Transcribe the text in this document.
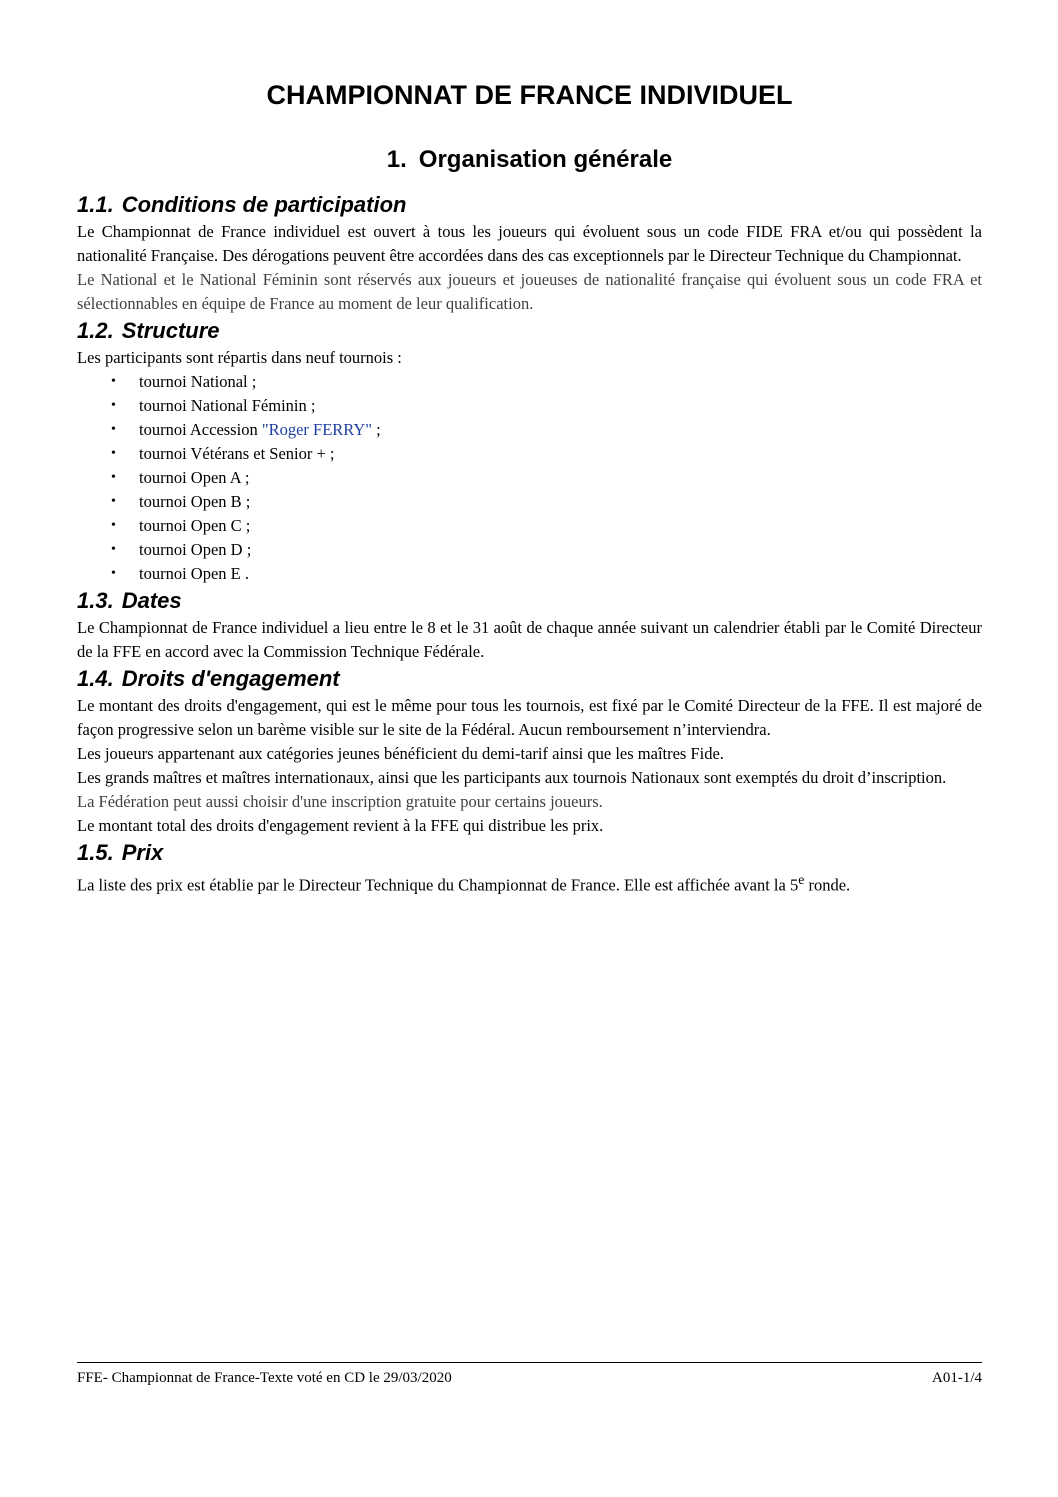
CHAMPIONNAT DE FRANCE INDIVIDUEL
1. Organisation générale
1.1. Conditions de participation

Le Championnat de France individuel est ouvert à tous les joueurs qui évoluent sous un code FIDE FRA et/ou qui possèdent la nationalité Française. Des dérogations peuvent être accordées dans des cas exceptionnels par le Directeur Technique du Championnat.

Le National et le National Féminin sont réservés aux joueurs et joueuses de nationalité française qui évoluent sous un code FRA et sélectionnables en équipe de France au moment de leur qualification.

1.2. Structure

Les participants sont répartis dans neuf tournois :

• tournoi National ;
• tournoi National Féminin ;
• tournoi Accession "Roger FERRY" ;
• tournoi Vétérans et Senior + ;
• tournoi Open A ;
• tournoi Open B ;
• tournoi Open C ;
• tournoi Open D ;
• tournoi Open E .
1.3. Dates

Le Championnat de France individuel a lieu entre le 8 et le 31 août de chaque année suivant un calendrier établi par le Comité Directeur de la FFE en accord avec la Commission Technique Fédérale.

1.4. Droits d'engagement

Le montant des droits d'engagement, qui est le même pour tous les tournois, est fixé par le Comité Directeur de la FFE. Il est majoré de façon progressive selon un barème visible sur le site de la Fédéral. Aucun remboursement n’interviendra.

Les joueurs appartenant aux catégories jeunes bénéficient du demi-tarif ainsi que les maîtres Fide.

Les grands maîtres et maîtres internationaux, ainsi que les participants aux tournois Nationaux sont exemptés du droit d’inscription.

La Fédération peut aussi choisir d'une inscription gratuite pour certains joueurs.

Le montant total des droits d'engagement revient à la FFE qui distribue les prix.

1.5. Prix

La liste des prix est établie par le Directeur Technique du Championnat de France. Elle est affichée avant la 5e ronde.

FFE- Championnat de France-Texte voté en CD le 29/03/2020	A01-1/4
